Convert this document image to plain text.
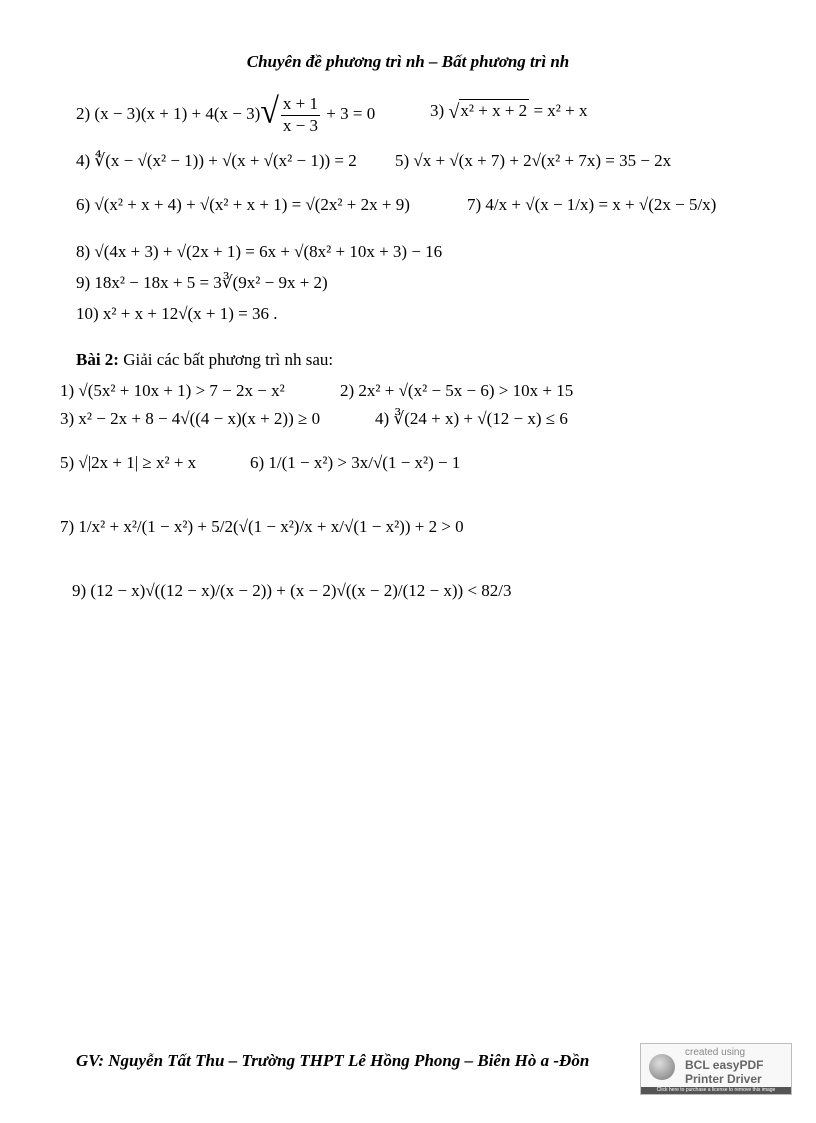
Chuyên đề phương trì nh – Bất phương trì nh
2) $(x - 3)(x + 1) + 4(x - 3)√ \frac{x + 1}{x - 3} + 3 = 0$	3) √x² + x + 2 = x² + x
4) ∜(x − √(x² − 1)) + √(x + √(x² − 1)) = 2 5) √x + √(x + 7) + 2√(x² + 7x) = 35 − 2x
6) √(x² + x + 4) + √(x² + x + 1) = √(2x² + 2x + 9)	7) 4/x + √(x − 1/x) = x + √(2x − 5/x)
8) √(4x + 3) + √(2x + 1) = 6x + √(8x² + 10x + 3) − 16
9) 18x² − 18x + 5 = 3∛(9x² − 9x + 2)
10) x² + x + 12√(x + 1) = 36 .
Bài 2: Giải các bất phương trì nh sau:
1) √(5x² + 10x + 1) > 7 − 2x − x²	2) 2x² + √(x² − 5x − 6) > 10x + 15
3) x² − 2x + 8 − 4√((4 − x)(x + 2)) ≥ 0	4) ∛(24 + x) + √(12 − x) ≤ 6
5) √|2x + 1| ≥ x² + x	6) 1/(1 − x²) > 3x/√(1 − x²) − 1
7) 1/x² + x²/(1 − x²) + 5/2(√(1 − x²)/x + x/√(1 − x²)) + 2 > 0
9) (12 − x)√((12 − x)/(x − 2)) + (x − 2)√((x − 2)/(12 − x)) < 82/3
GV: Nguyễn Tất Thu – Trường THPT Lê Hồng Phong – Biên Hò a -Đồn	created using
BCL easyPDF
Printer Driver
Click here to purchase a license to remove this image
